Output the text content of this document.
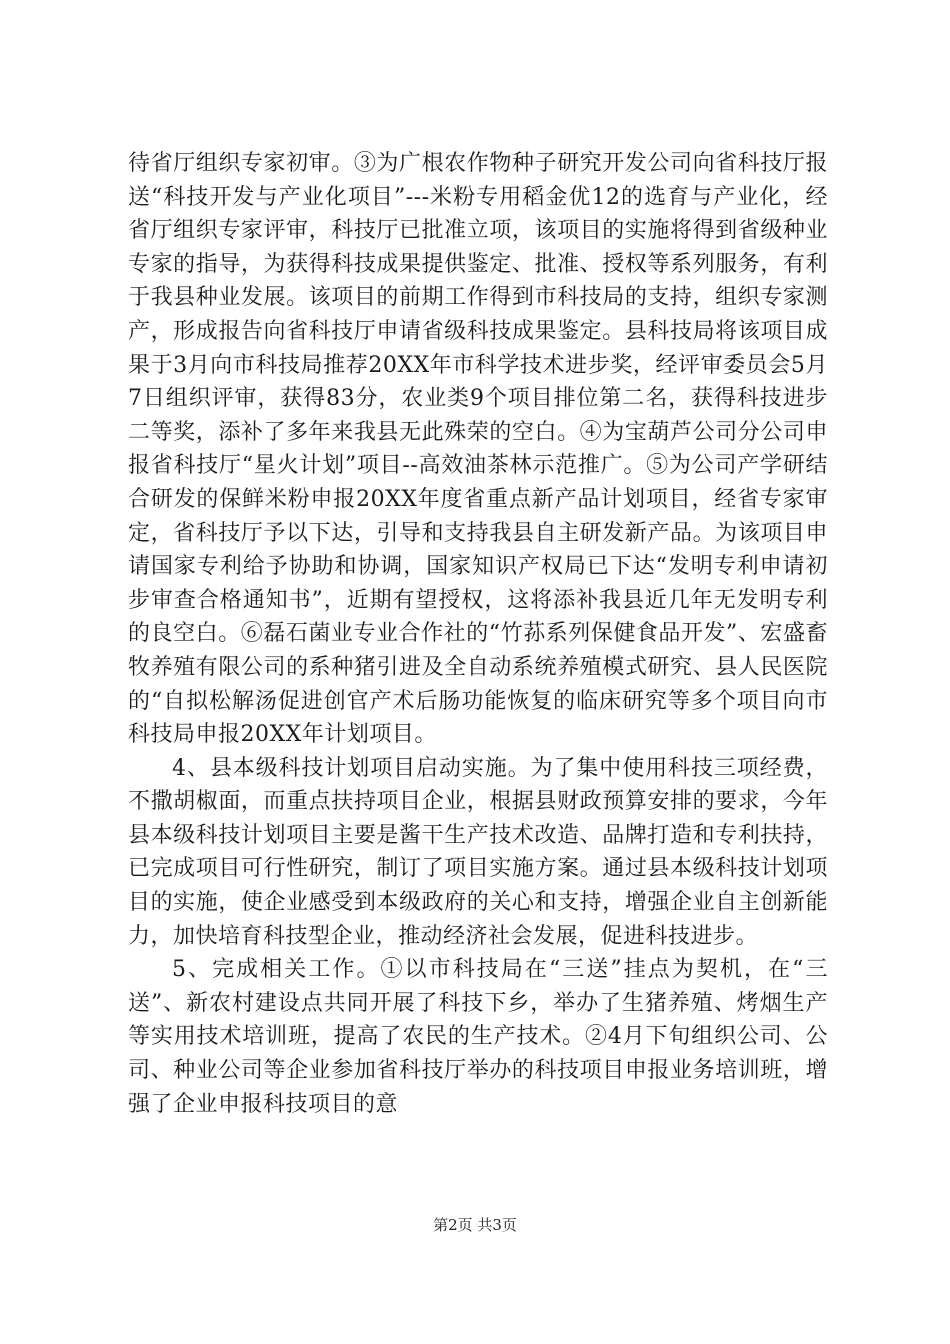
待省厅组织专家初审。③为广根农作物种子研究开发公司向省科技厅报送“科技开发与产业化项目”---米粉专用稻金优12的选育与产业化，经省厅组织专家评审，科技厅已批准立项，该项目的实施将得到省级种业专家的指导，为获得科技成果提供鉴定、批准、授权等系列服务，有利于我县种业发展。该项目的前期工作得到市科技局的支持，组织专家测产，形成报告向省科技厅申请省级科技成果鉴定。县科技局将该项目成果于3月向市科技局推荐20XX年市科学技术进步奖，经评审委员会5月7日组织评审，获得83分，农业类9个项目排位第二名，获得科技进步二等奖，添补了多年来我县无此殊荣的空白。④为宝葫芦公司分公司申报省科技厅“星火计划”项目--高效油茶林示范推广。⑤为公司产学研结合研发的保鲜米粉申报20XX年度省重点新产品计划项目，经省专家审定，省科技厅予以下达，引导和支持我县自主研发新产品。为该项目申请国家专利给予协助和协调，国家知识产权局已下达“发明专利申请初步审查合格通知书”，近期有望授权，这将添补我县近几年无发明专利的良空白。⑥磊石菌业专业合作社的“竹荪系列保健食品开发”、宏盛畜牧养殖有限公司的系种猪引进及全自动系统养殖模式研究、县人民医院的“自拟松解汤促进创官产术后肠功能恢复的临床研究等多个项目向市科技局申报20XX年计划项目。

4、县本级科技计划项目启动实施。为了集中使用科技三项经费，不撒胡椒面，而重点扶持项目企业，根据县财政预算安排的要求，今年县本级科技计划项目主要是酱干生产技术改造、品牌打造和专利扶持，已完成项目可行性研究，制订了项目实施方案。通过县本级科技计划项目的实施，使企业感受到本级政府的关心和支持，增强企业自主创新能力，加快培育科技型企业，推动经济社会发展，促进科技进步。

5、完成相关工作。①以市科技局在“三送”挂点为契机，在“三送”、新农村建设点共同开展了科技下乡，举办了生猪养殖、烤烟生产等实用技术培训班，提高了农民的生产技术。②4月下旬组织公司、公司、种业公司等企业参加省科技厅举办的科技项目申报业务培训班，增强了企业申报科技项目的意

第2页 共3页
